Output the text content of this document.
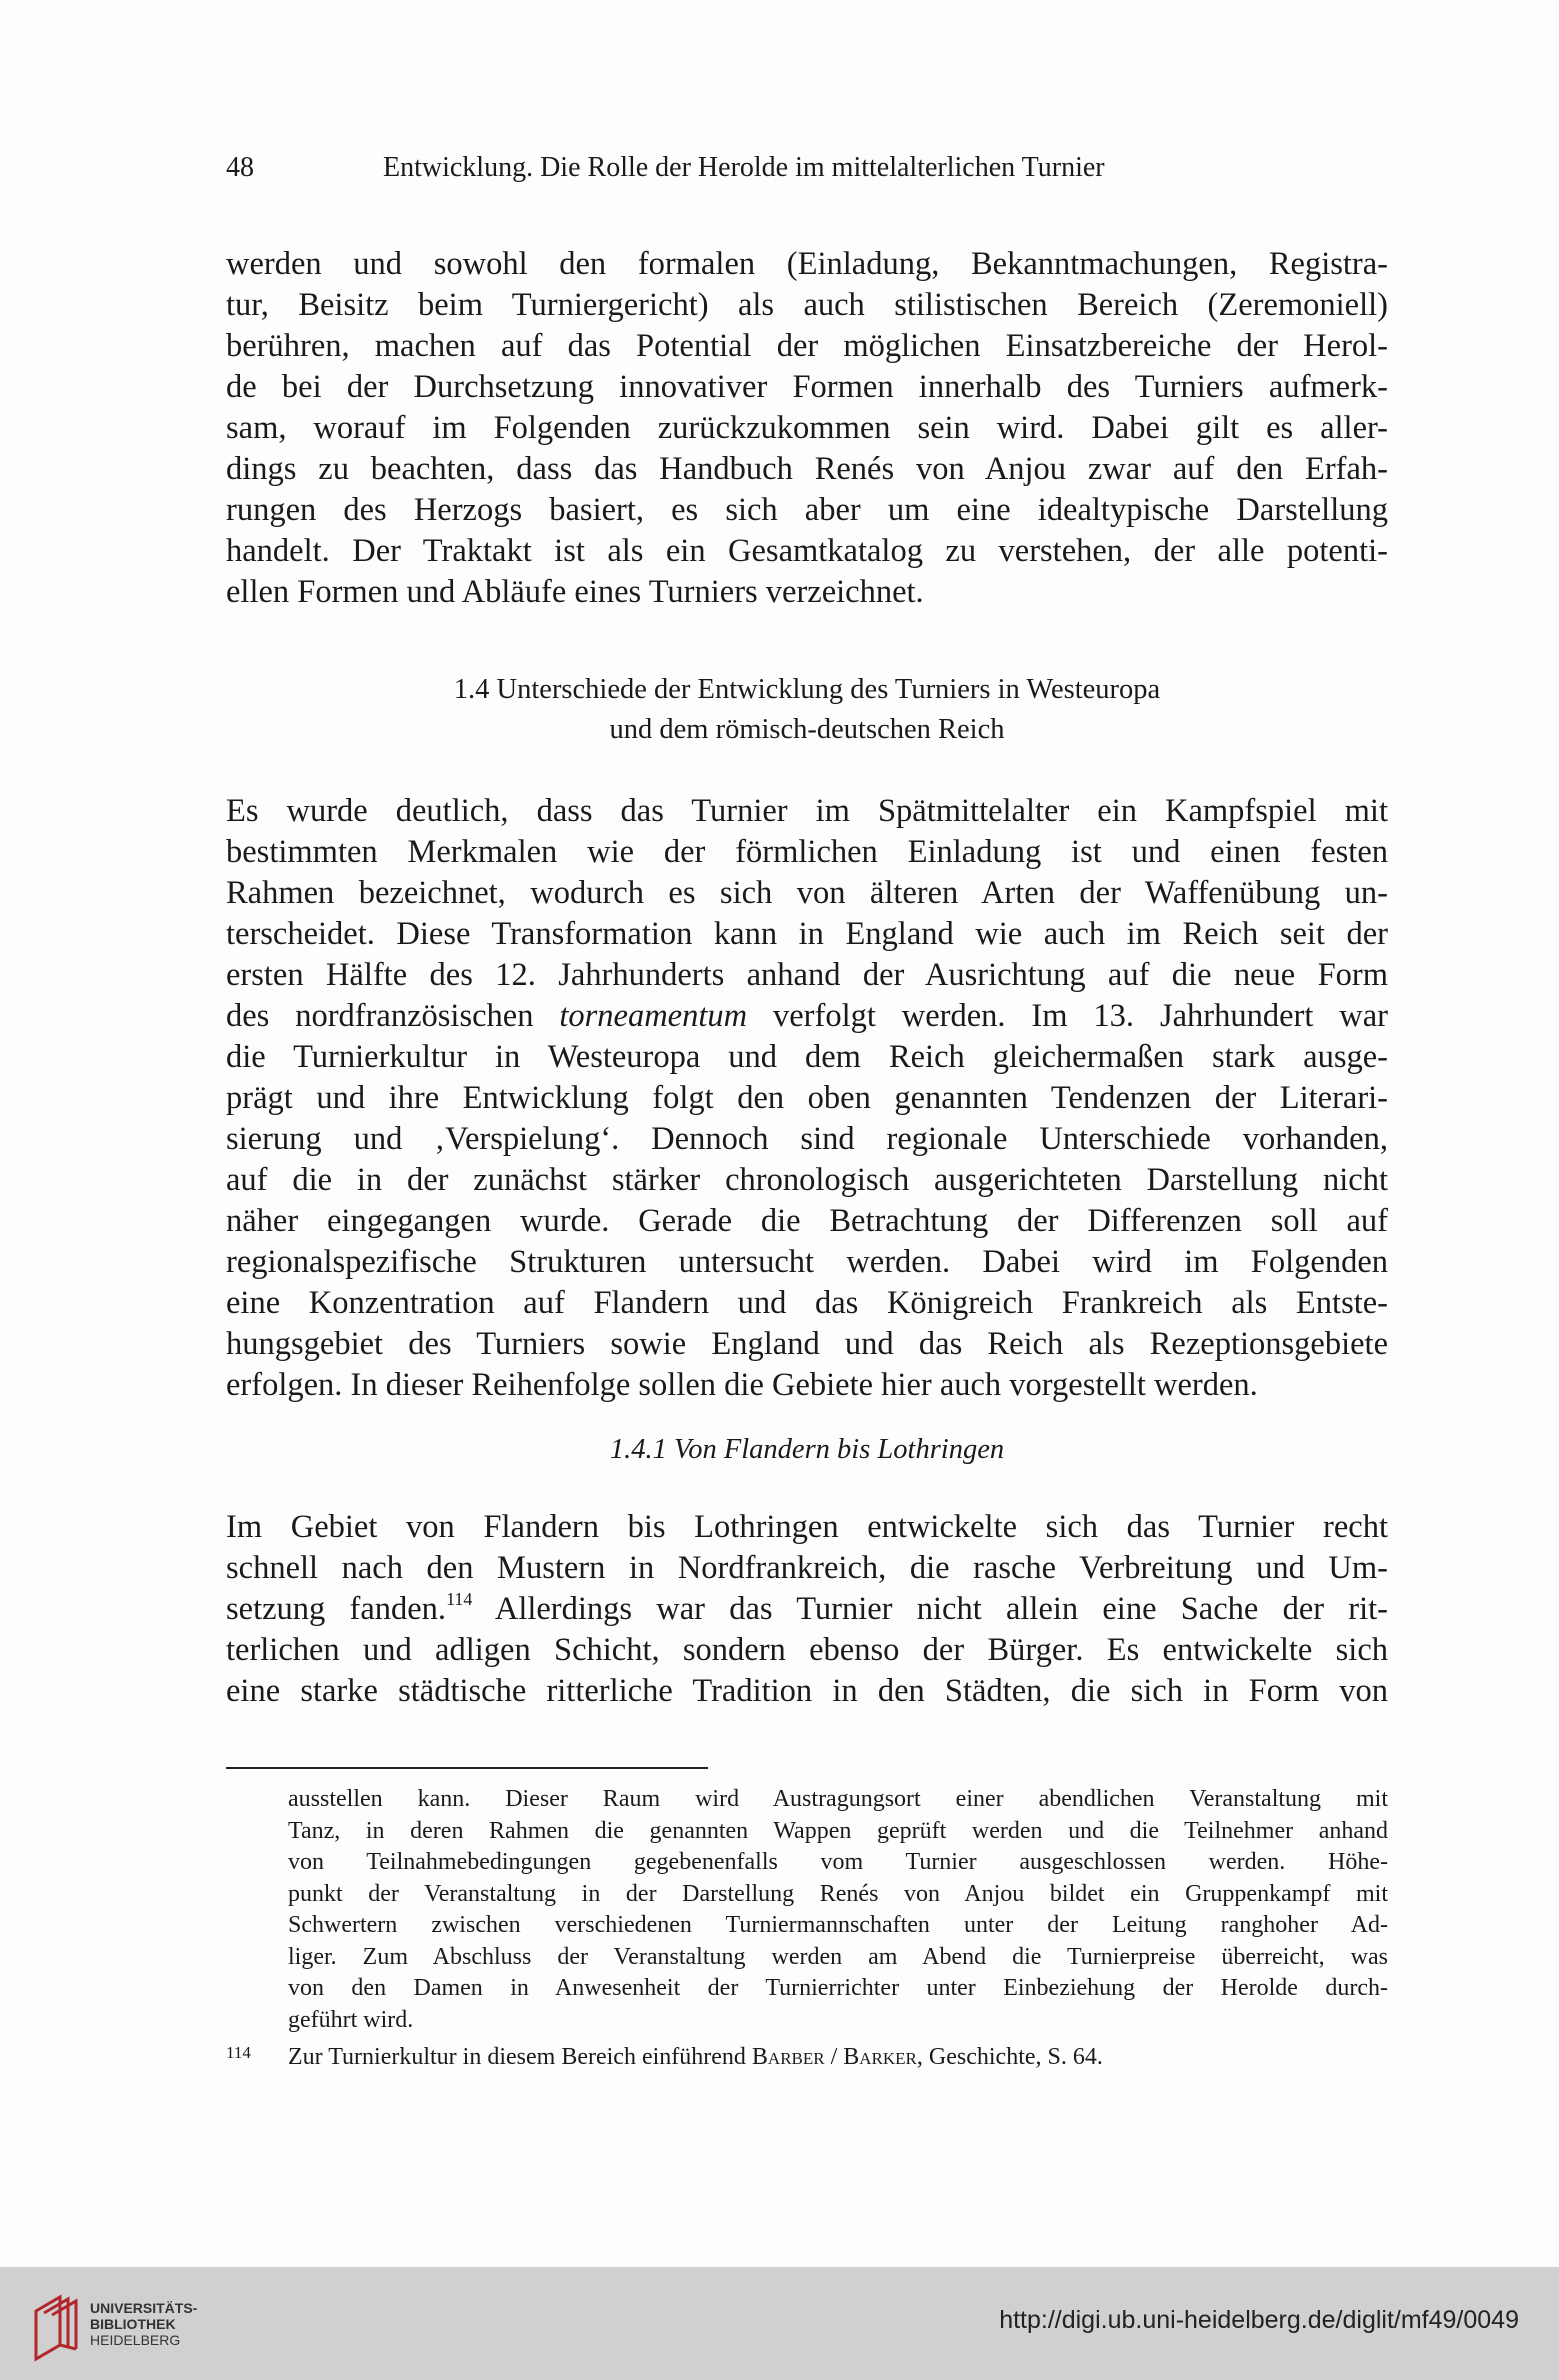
48	Entwicklung. Die Rolle der Herolde im mittelalterlichen Turnier
werden und sowohl den formalen (Einladung, Bekanntmachungen, Registra-
tur, Beisitz beim Turniergericht) als auch stilistischen Bereich (Zeremoniell)
berühren, machen auf das Potential der möglichen Einsatzbereiche der Herol-
de bei der Durchsetzung innovativer Formen innerhalb des Turniers aufmerk-
sam, worauf im Folgenden zurückzukommen sein wird. Dabei gilt es aller-
dings zu beachten, dass das Handbuch Renés von Anjou zwar auf den Erfah-
rungen des Herzogs basiert, es sich aber um eine idealtypische Darstellung
handelt. Der Traktakt ist als ein Gesamtkatalog zu verstehen, der alle potenti-
ellen Formen und Abläufe eines Turniers verzeichnet.
1.4 Unterschiede der Entwicklung des Turniers in Westeuropa
und dem römisch-deutschen Reich
Es wurde deutlich, dass das Turnier im Spätmittelalter ein Kampfspiel mit
bestimmten Merkmalen wie der förmlichen Einladung ist und einen festen
Rahmen bezeichnet, wodurch es sich von älteren Arten der Waffenübung un-
terscheidet. Diese Transformation kann in England wie auch im Reich seit der
ersten Hälfte des 12. Jahrhunderts anhand der Ausrichtung auf die neue Form
des nordfranzösischen torneamentum verfolgt werden. Im 13. Jahrhundert war
die Turnierkultur in Westeuropa und dem Reich gleichermaßen stark ausge-
prägt und ihre Entwicklung folgt den oben genannten Tendenzen der Literari-
sierung und ‚Verspielung‘. Dennoch sind regionale Unterschiede vorhanden,
auf die in der zunächst stärker chronologisch ausgerichteten Darstellung nicht
näher eingegangen wurde. Gerade die Betrachtung der Differenzen soll auf
regionalspezifische Strukturen untersucht werden. Dabei wird im Folgenden
eine Konzentration auf Flandern und das Königreich Frankreich als Entste-
hungsgebiet des Turniers sowie England und das Reich als Rezeptionsgebiete
erfolgen. In dieser Reihenfolge sollen die Gebiete hier auch vorgestellt werden.
1.4.1 Von Flandern bis Lothringen
Im Gebiet von Flandern bis Lothringen entwickelte sich das Turnier recht
schnell nach den Mustern in Nordfrankreich, die rasche Verbreitung und Um-
setzung fanden.$^{114}$ Allerdings war das Turnier nicht allein eine Sache der rit-
terlichen und adligen Schicht, sondern ebenso der Bürger. Es entwickelte sich
eine starke städtische ritterliche Tradition in den Städten, die sich in Form von
ausstellen kann. Dieser Raum wird Austragungsort einer abendlichen Veranstaltung mit
Tanz, in deren Rahmen die genannten Wappen geprüft werden und die Teilnehmer anhand
von Teilnahmebedingungen gegebenenfalls vom Turnier ausgeschlossen werden. Höhe-
punkt der Veranstaltung in der Darstellung Renés von Anjou bildet ein Gruppenkampf mit
Schwertern zwischen verschiedenen Turniermannschaften unter der Leitung ranghoher Ad-
liger. Zum Abschluss der Veranstaltung werden am Abend die Turnierpreise überreicht, was
von den Damen in Anwesenheit der Turnierrichter unter Einbeziehung der Herolde durch-
geführt wird.
114 Zur Turnierkultur in diesem Bereich einführend Barber / Barker, Geschichte, S. 64.
UNIVERSITÄTS-
BIBLIOTHEK
HEIDELBERG
http://digi.ub.uni-heidelberg.de/diglit/mf49/0049
